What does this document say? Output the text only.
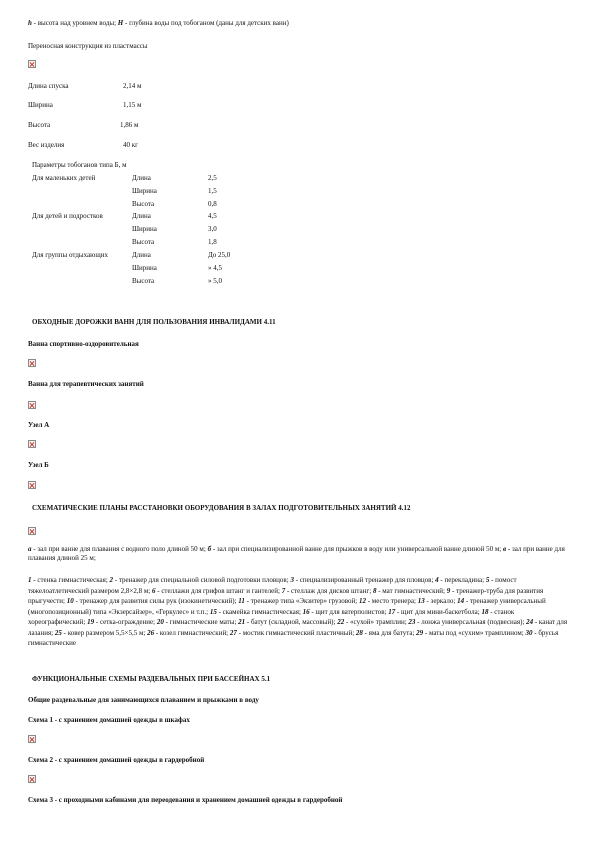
h - высота над уровнем воды; H - глубина воды под тобоганом (даны для детских ванн)
Переносная конструкция из пластмассы
Длина спуска	2,14 м
Ширина	1,15 м
Высота	1,86 м
Вес изделия	40 кг
Параметры тобоганов типа Б, м
Для маленьких детей	Длина	2,5
Ширина	1,5
Высота	0,8
Для детей и подростков	Длина	4,5
Ширина	3,0
Высота	1,8
Для группы отдыхающих	Длина	До 25,0
Ширина	» 4,5
Высота	» 5,0
ОБХОДНЫЕ ДОРОЖКИ ВАНН ДЛЯ ПОЛЬЗОВАНИЯ ИНВАЛИДАМИ 4.11
Ванна спортивно-оздоровительная
Ванна для терапевтических занятий
Узел А
Узел Б
СХЕМАТИЧЕСКИЕ ПЛАНЫ РАССТАНОВКИ ОБОРУДОВАНИЯ В ЗАЛАХ ПОДГОТОВИТЕЛЬНЫХ ЗАНЯТИЙ 4.12
а - зал при ванне для плавания с водного поло длиной 50 м; б - зал при специализированной ванне для прыжков в воду или универсальной ванне длиной 50 м; в - зал при ванне для плавания длиной 25 м;
1 - стенка гимнастическая; 2 - тренажер для специальной силовой подготовки пловцов; 3 - специализированный тренажер для пловцов; 4 - перекладина; 5 - помост тяжелоатлетический размером 2,8×2,8 м; 6 - стеллажи для грифов штанг и гантелей; 7 - стеллаж для дисков штанг; 8 - мат гимнастический; 9 - тренажер-труба для развития прыгучести; 10 - тренажер для развития силы рук (изокинетический); 11 - тренажер типа «Экзитер» грузовой; 12 - место тренера; 13 - зеркало; 14 - тренажер универсальный (многопозиционный) типа «Экзерсайзер», «Геркулес» и т.п.; 15 - скамейка гимнастическая; 16 - щит для ватерполистов; 17 - щит для мини-баскетбола; 18 - станок хореографический; 19 - сетка-ограждение; 20 - гимнастические маты; 21 - батут (складной, массовый); 22 - «сухой» трамплин; 23 - лонжа универсальная (подвесная); 24 - канат для лазания; 25 - ковер размером 5,5×5,5 м; 26 - козел гимнастический; 27 - мостик гимнастический пластичный; 28 - яма для батута; 29 - маты под «сухим» трамплином; 30 - брусья гимнастические
ФУНКЦИОНАЛЬНЫЕ СХЕМЫ РАЗДЕВАЛЬНЫХ ПРИ БАССЕЙНАХ 5.1
Общие раздевальные для занимающихся плаванием и прыжками в воду
Схема 1 - с хранением домашней одежды в шкафах
Схема 2 - с хранением домашней одежды в гардеробной
Схема 3 - с проходными кабинами для переодевания и хранением домашней одежды в гардеробной
